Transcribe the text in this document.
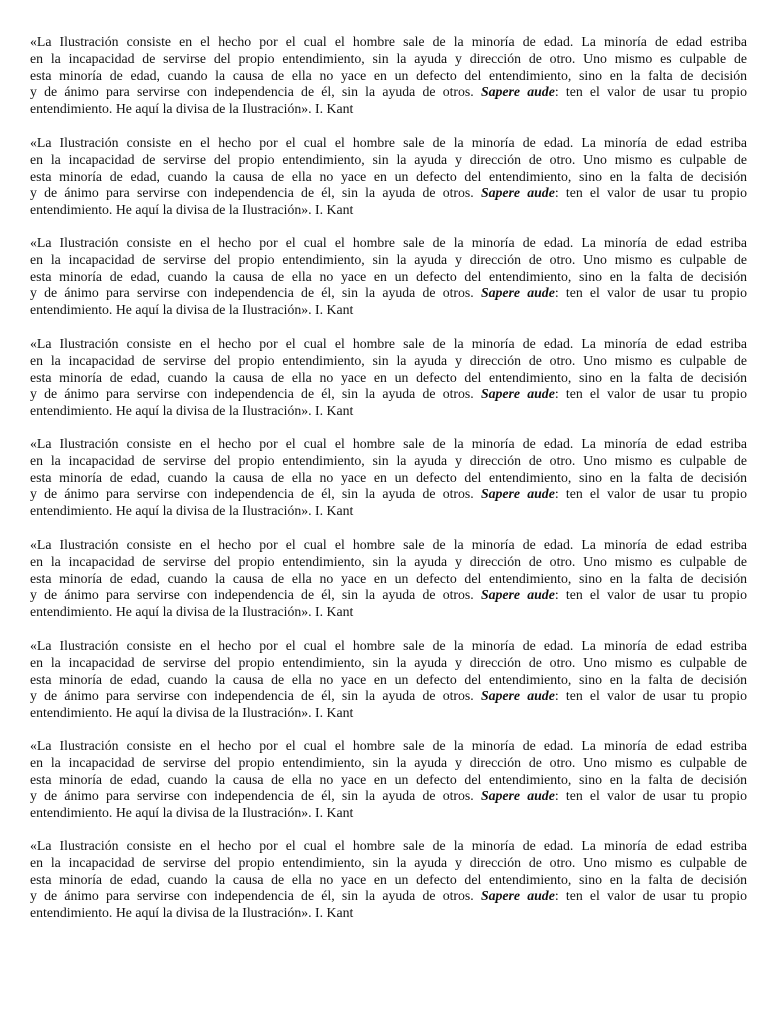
«La Ilustración consiste en el hecho por el cual el hombre sale de la minoría de edad. La minoría de edad estriba
en la incapacidad de servirse del propio entendimiento, sin la ayuda y dirección de otro. Uno mismo es culpable de
esta minoría de edad, cuando la causa de ella no yace en un defecto del entendimiento, sino en la falta de decisión
y de ánimo para servirse con independencia de él, sin la ayuda de otros. Sapere aude: ten el valor de usar tu propio
entendimiento. He aquí la divisa de la Ilustración». I. Kant

«La Ilustración consiste en el hecho por el cual el hombre sale de la minoría de edad. La minoría de edad estriba
en la incapacidad de servirse del propio entendimiento, sin la ayuda y dirección de otro. Uno mismo es culpable de
esta minoría de edad, cuando la causa de ella no yace en un defecto del entendimiento, sino en la falta de decisión
y de ánimo para servirse con independencia de él, sin la ayuda de otros. Sapere aude: ten el valor de usar tu propio
entendimiento. He aquí la divisa de la Ilustración». I. Kant

«La Ilustración consiste en el hecho por el cual el hombre sale de la minoría de edad. La minoría de edad estriba
en la incapacidad de servirse del propio entendimiento, sin la ayuda y dirección de otro. Uno mismo es culpable de
esta minoría de edad, cuando la causa de ella no yace en un defecto del entendimiento, sino en la falta de decisión
y de ánimo para servirse con independencia de él, sin la ayuda de otros. Sapere aude: ten el valor de usar tu propio
entendimiento. He aquí la divisa de la Ilustración». I. Kant

«La Ilustración consiste en el hecho por el cual el hombre sale de la minoría de edad. La minoría de edad estriba
en la incapacidad de servirse del propio entendimiento, sin la ayuda y dirección de otro. Uno mismo es culpable de
esta minoría de edad, cuando la causa de ella no yace en un defecto del entendimiento, sino en la falta de decisión
y de ánimo para servirse con independencia de él, sin la ayuda de otros. Sapere aude: ten el valor de usar tu propio
entendimiento. He aquí la divisa de la Ilustración». I. Kant

«La Ilustración consiste en el hecho por el cual el hombre sale de la minoría de edad. La minoría de edad estriba
en la incapacidad de servirse del propio entendimiento, sin la ayuda y dirección de otro. Uno mismo es culpable de
esta minoría de edad, cuando la causa de ella no yace en un defecto del entendimiento, sino en la falta de decisión
y de ánimo para servirse con independencia de él, sin la ayuda de otros. Sapere aude: ten el valor de usar tu propio
entendimiento. He aquí la divisa de la Ilustración». I. Kant

«La Ilustración consiste en el hecho por el cual el hombre sale de la minoría de edad. La minoría de edad estriba
en la incapacidad de servirse del propio entendimiento, sin la ayuda y dirección de otro. Uno mismo es culpable de
esta minoría de edad, cuando la causa de ella no yace en un defecto del entendimiento, sino en la falta de decisión
y de ánimo para servirse con independencia de él, sin la ayuda de otros. Sapere aude: ten el valor de usar tu propio
entendimiento. He aquí la divisa de la Ilustración». I. Kant

«La Ilustración consiste en el hecho por el cual el hombre sale de la minoría de edad. La minoría de edad estriba
en la incapacidad de servirse del propio entendimiento, sin la ayuda y dirección de otro. Uno mismo es culpable de
esta minoría de edad, cuando la causa de ella no yace en un defecto del entendimiento, sino en la falta de decisión
y de ánimo para servirse con independencia de él, sin la ayuda de otros. Sapere aude: ten el valor de usar tu propio
entendimiento. He aquí la divisa de la Ilustración». I. Kant

«La Ilustración consiste en el hecho por el cual el hombre sale de la minoría de edad. La minoría de edad estriba
en la incapacidad de servirse del propio entendimiento, sin la ayuda y dirección de otro. Uno mismo es culpable de
esta minoría de edad, cuando la causa de ella no yace en un defecto del entendimiento, sino en la falta de decisión
y de ánimo para servirse con independencia de él, sin la ayuda de otros. Sapere aude: ten el valor de usar tu propio
entendimiento. He aquí la divisa de la Ilustración». I. Kant

«La Ilustración consiste en el hecho por el cual el hombre sale de la minoría de edad. La minoría de edad estriba
en la incapacidad de servirse del propio entendimiento, sin la ayuda y dirección de otro. Uno mismo es culpable de
esta minoría de edad, cuando la causa de ella no yace en un defecto del entendimiento, sino en la falta de decisión
y de ánimo para servirse con independencia de él, sin la ayuda de otros. Sapere aude: ten el valor de usar tu propio
entendimiento. He aquí la divisa de la Ilustración». I. Kant
